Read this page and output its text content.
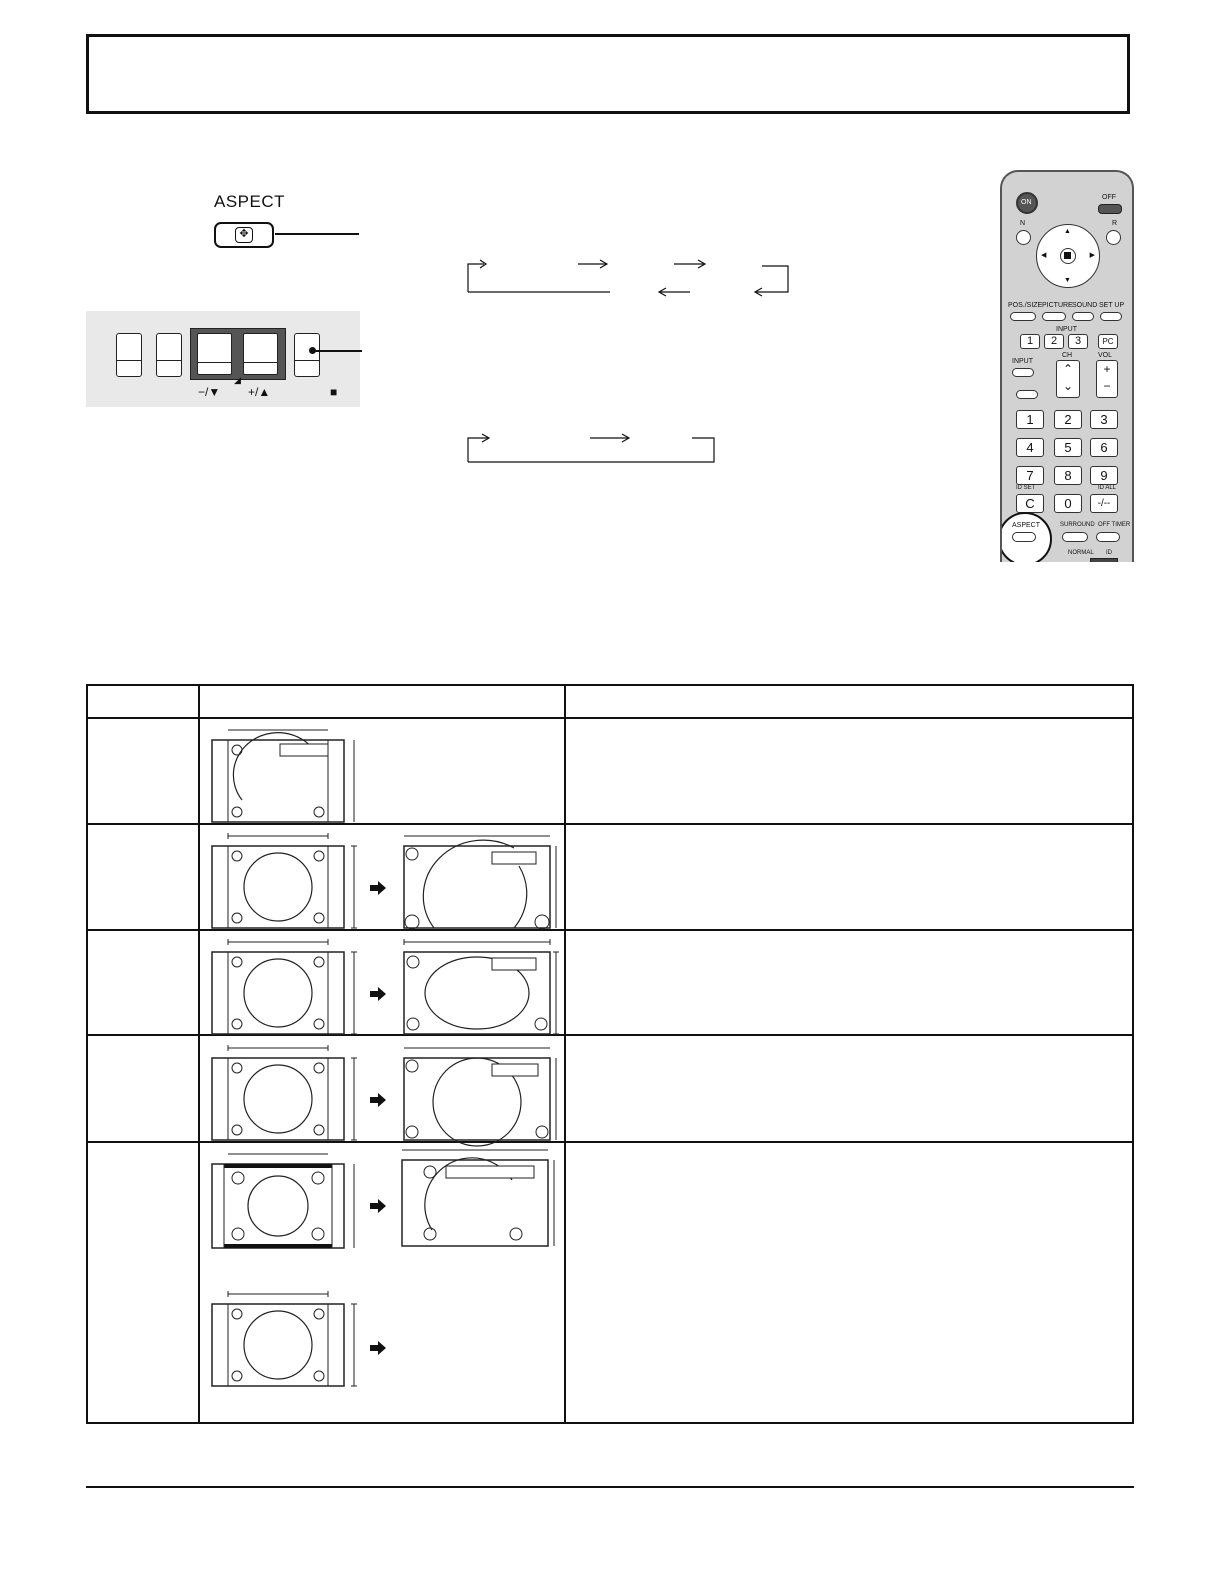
ASPECT
✥
−/▼
◢
+/▲	■
ON
OFF
N	R
▲
▼
◀	▶
POS./SIZE PICTURE SOUND SET UP
INPUT
1	2	3	PC
INPUT
CH	VOL
⌃
⌄
+
−
1	2	3
4	5	6
7	8	9
ID SET	ID ALL
C	0	-/--
ASPECT	SURROUND OFF TIMER
NORMAL ID
